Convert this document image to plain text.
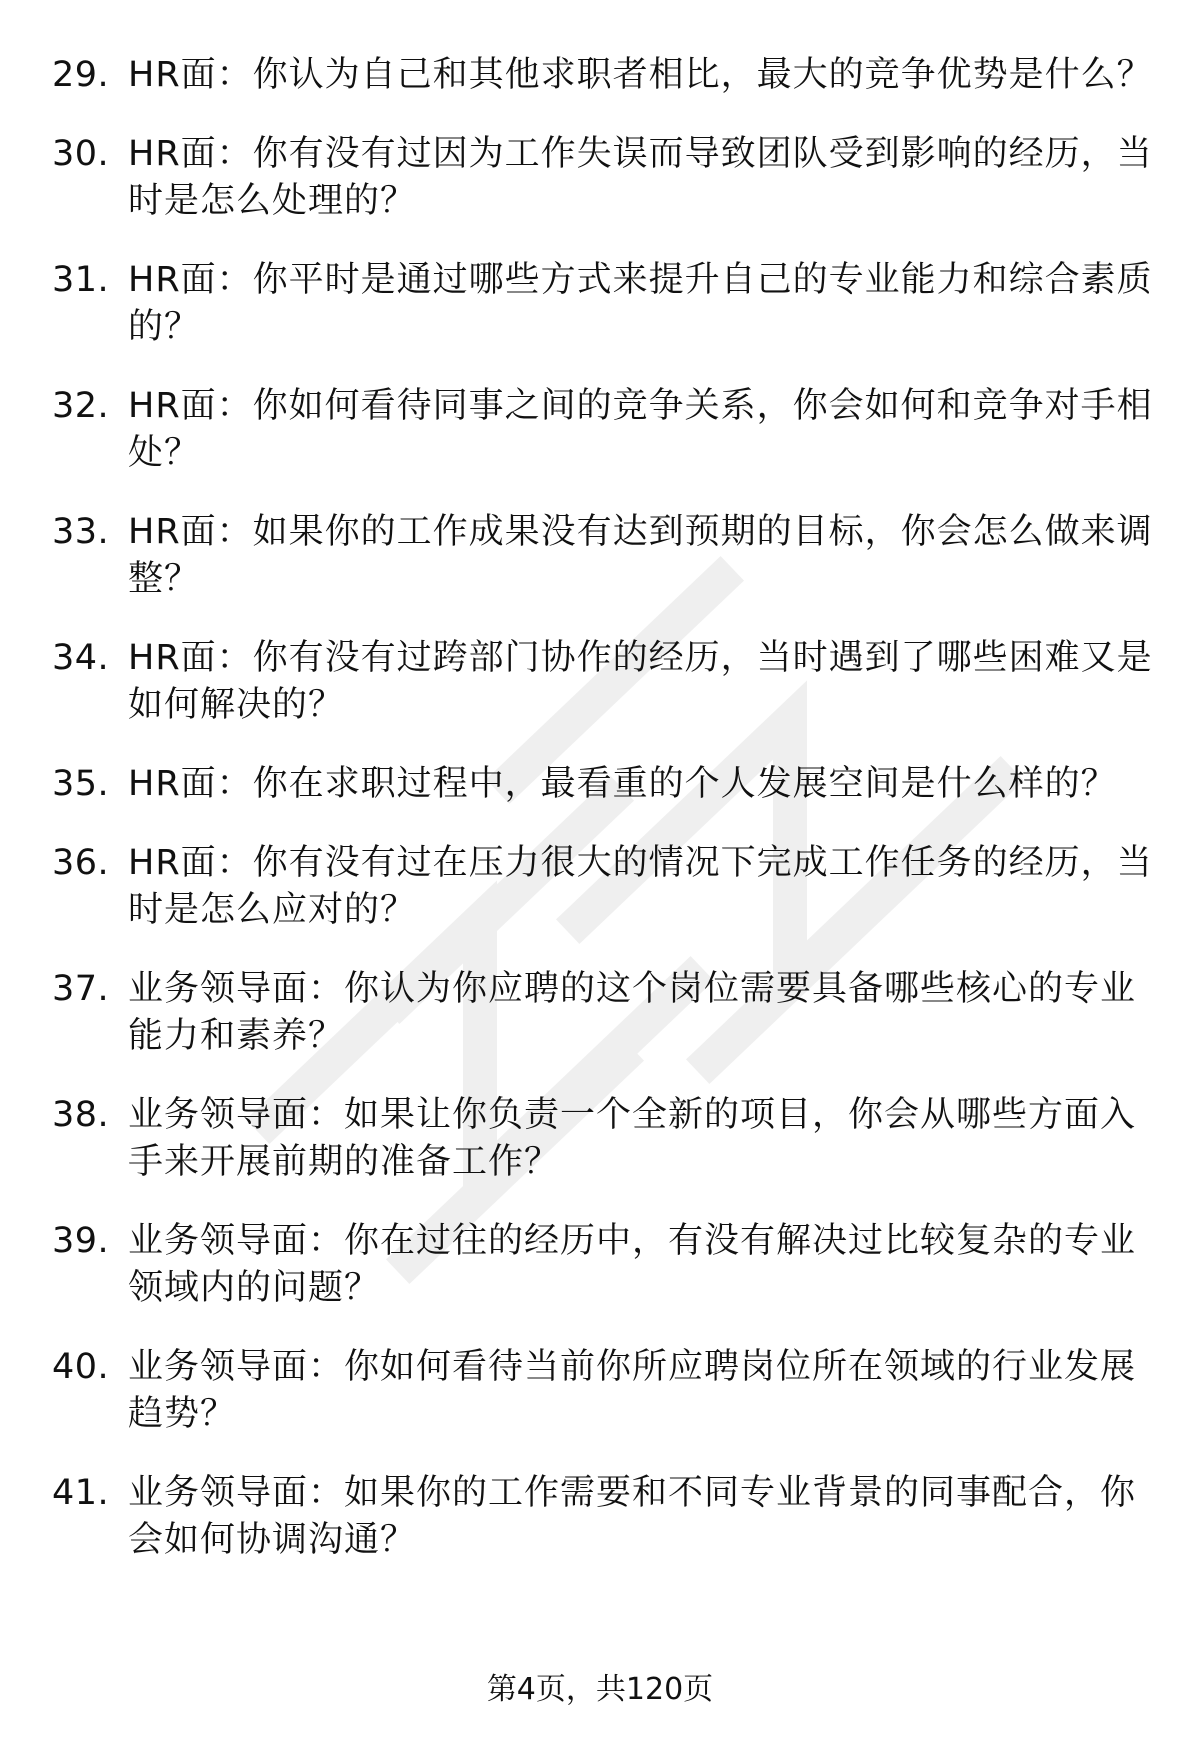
29. HR面：你认为自己和其他求职者相比，最大的竞争优势是什么？
30. HR面：你有没有过因为工作失误而导致团队受到影响的经历，当时是怎么处理的？
31. HR面：你平时是通过哪些方式来提升自己的专业能力和综合素质的？
32. HR面：你如何看待同事之间的竞争关系，你会如何和竞争对手相处？
33. HR面：如果你的工作成果没有达到预期的目标，你会怎么做来调整？
34. HR面：你有没有过跨部门协作的经历，当时遇到了哪些困难又是如何解决的？
35. HR面：你在求职过程中，最看重的个人发展空间是什么样的？
36. HR面：你有没有过在压力很大的情况下完成工作任务的经历，当时是怎么应对的？
37. 业务领导面：你认为你应聘的这个岗位需要具备哪些核心的专业能力和素养？
38. 业务领导面：如果让你负责一个全新的项目，你会从哪些方面入手来开展前期的准备工作？
39. 业务领导面：你在过往的经历中，有没有解决过比较复杂的专业领域内的问题？
40. 业务领导面：你如何看待当前你所应聘岗位所在领域的行业发展趋势？
41. 业务领导面：如果你的工作需要和不同专业背景的同事配合，你会如何协调沟通？
第4页，共120页
